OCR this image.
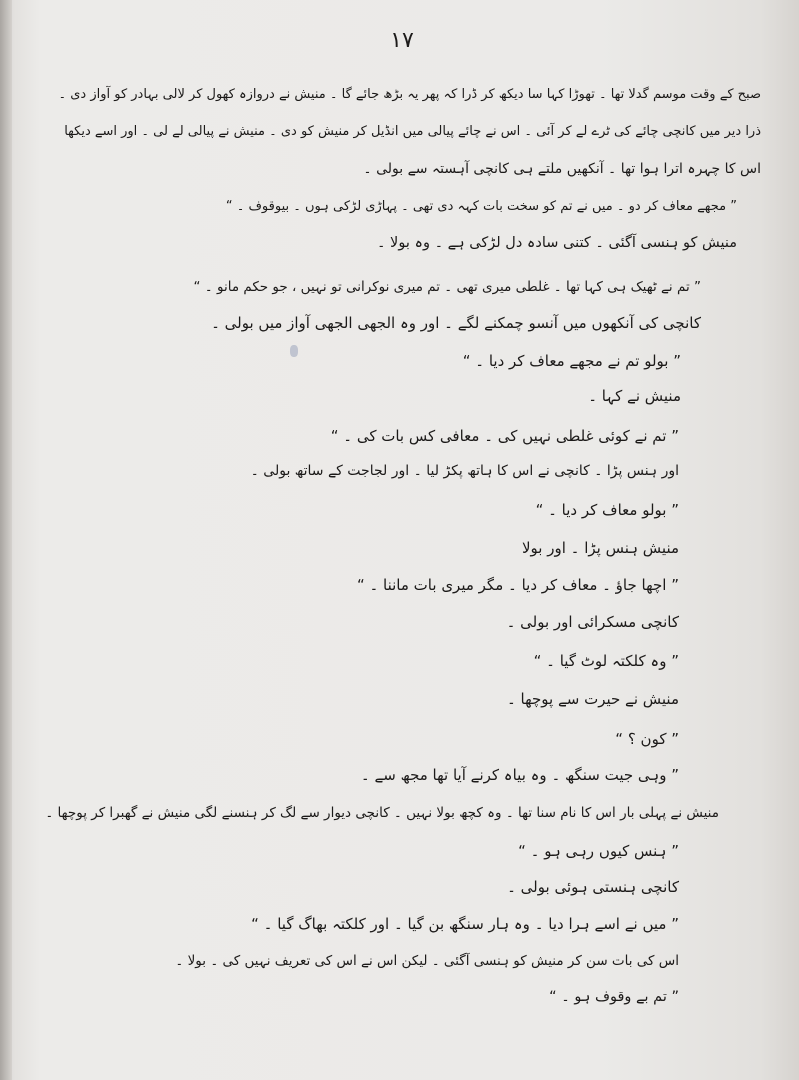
۱۷
صبح کے وقت موسم گدلا تھا ۔ تھوڑا کہا سا دیکھ کر ڈرا کہ پھر یہ بڑھ جائے گا ۔ منیش نے دروازہ کھول کر لالی بہادر کو آواز دی ۔
ذرا دیر میں کانچی چائے کی ٹرے لے کر آئی ۔ اس نے چائے پیالی میں انڈیل کر منیش کو دی ۔ منیش نے پیالی لے لی ۔ اور اسے دیکھا
اس کا چہرہ اترا ہوا تھا ۔ آنکھیں ملتے ہی کانچی آہستہ سے بولی ۔
” مجھے معاف کر دو ۔ میں نے تم کو سخت بات کہہ دی تھی ۔ پہاڑی لڑکی ہوں ۔ بیوقوف ۔ “
منیش کو ہنسی آگئی ۔ کتنی سادہ دل لڑکی ہے ۔ وہ بولا ۔
” تم نے ٹھیک ہی کہا تھا ۔ غلطی میری تھی ۔ تم میری نوکرانی تو نہیں ، جو حکم مانو ۔ “
کانچی کی آنکھوں میں آنسو چمکنے لگے ۔ اور وہ الجھی الجھی آواز میں بولی ۔
” بولو تم نے مجھے معاف کر دیا ۔ “
منیش نے کہا ۔
” تم نے کوئی غلطی نہیں کی ۔ معافی کس بات کی ۔ “
اور ہنس پڑا ۔ کانچی نے اس کا ہاتھ پکڑ لیا ۔ اور لجاجت کے ساتھ بولی ۔
” بولو معاف کر دیا ۔ “
منیش ہنس پڑا ۔ اور بولا
” اچھا جاؤ ۔ معاف کر دیا ۔ مگر میری بات ماننا ۔ “
کانچی مسکرائی اور بولی ۔
” وہ کلکتہ لوٹ گیا ۔ “
منیش نے حیرت سے پوچھا ۔
” کون ؟ “
” وہی جیت سنگھ ۔ وہ بیاہ کرنے آیا تھا مجھ سے ۔
منیش نے پہلی بار اس کا نام سنا تھا ۔ وہ کچھ بولا نہیں ۔ کانچی دیوار سے لگ کر ہنسنے لگی منیش نے گھبرا کر پوچھا ۔
” ہنس کیوں رہی ہو ۔ “
کانچی ہنستی ہوئی بولی ۔
” میں نے اسے ہرا دیا ۔ وہ ہار سنگھ بن گیا ۔ اور کلکتہ بھاگ گیا ۔ “
اس کی بات سن کر منیش کو ہنسی آگئی ۔ لیکن اس نے اس کی تعریف نہیں کی ۔ بولا ۔
” تم بے وقوف ہو ۔ “
